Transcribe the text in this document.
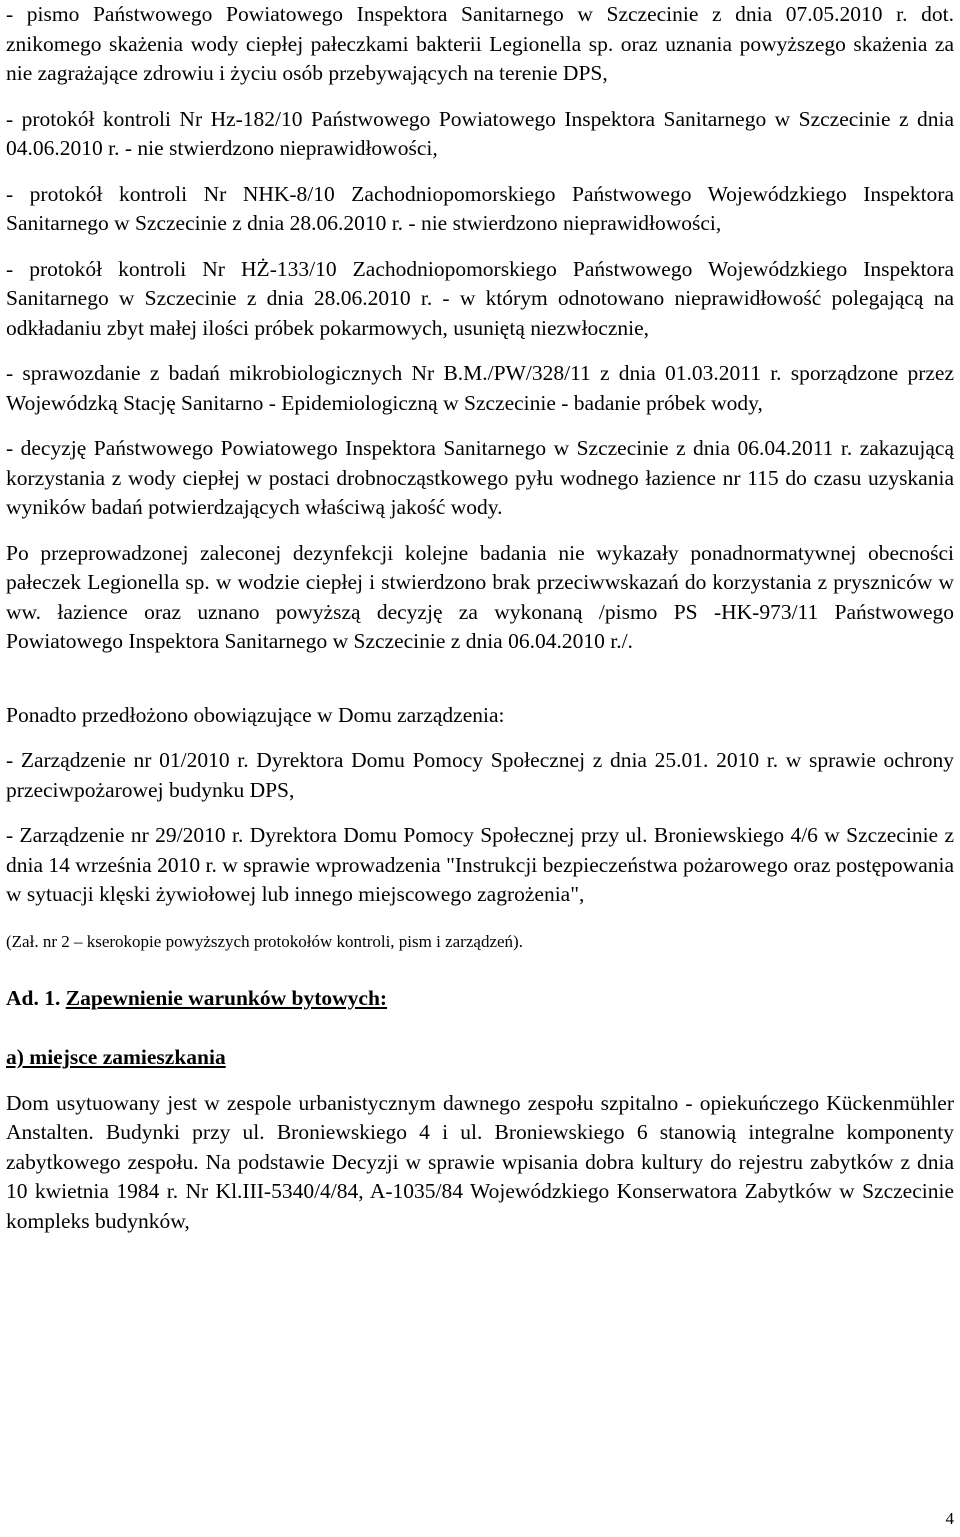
- pismo Państwowego Powiatowego Inspektora Sanitarnego w Szczecinie z dnia 07.05.2010 r. dot. znikomego skażenia wody ciepłej pałeczkami bakterii Legionella sp. oraz uznania powyższego skażenia za nie zagrażające zdrowiu i życiu osób przebywających na terenie DPS,

- protokół kontroli Nr Hz-182/10 Państwowego Powiatowego Inspektora Sanitarnego w Szczecinie z dnia 04.06.2010 r. - nie stwierdzono nieprawidłowości,

- protokół kontroli Nr NHK-8/10 Zachodniopomorskiego Państwowego Wojewódzkiego Inspektora Sanitarnego w Szczecinie z dnia 28.06.2010 r. - nie stwierdzono nieprawidłowości,

- protokół kontroli Nr HŻ-133/10 Zachodniopomorskiego Państwowego Wojewódzkiego Inspektora Sanitarnego w Szczecinie z dnia 28.06.2010 r. - w którym odnotowano nieprawidłowość polegającą na odkładaniu zbyt małej ilości próbek pokarmowych, usuniętą niezwłocznie,

- sprawozdanie z badań mikrobiologicznych Nr B.M./PW/328/11 z dnia 01.03.2011 r. sporządzone przez Wojewódzką Stację Sanitarno - Epidemiologiczną w Szczecinie - badanie próbek wody,

- decyzję Państwowego Powiatowego Inspektora Sanitarnego w Szczecinie z dnia 06.04.2011 r. zakazującą korzystania z wody ciepłej w postaci drobnocząstkowego pyłu wodnego łazience nr 115 do czasu uzyskania wyników badań potwierdzających właściwą jakość wody.

Po przeprowadzonej zaleconej dezynfekcji kolejne badania nie wykazały ponadnormatywnej obecności pałeczek Legionella sp. w wodzie ciepłej i stwierdzono brak przeciwwskazań do korzystania z pryszniców w ww. łazience oraz uznano powyższą decyzję za wykonaną /pismo PS -HK-973/11 Państwowego Powiatowego Inspektora Sanitarnego w Szczecinie z dnia 06.04.2010 r./.

Ponadto przedłożono obowiązujące w Domu zarządzenia:

- Zarządzenie nr 01/2010 r. Dyrektora Domu Pomocy Społecznej z dnia 25.01. 2010 r. w sprawie ochrony przeciwpożarowej budynku DPS,

- Zarządzenie nr 29/2010 r. Dyrektora Domu Pomocy Społecznej przy ul. Broniewskiego 4/6 w Szczecinie z dnia 14 września 2010 r. w sprawie wprowadzenia "Instrukcji bezpieczeństwa pożarowego oraz postępowania w sytuacji klęski żywiołowej lub innego miejscowego zagrożenia",

(Zał. nr 2 – kserokopie powyższych protokołów kontroli, pism i zarządzeń).

Ad. 1. Zapewnienie warunków bytowych:

a) miejsce zamieszkania

Dom usytuowany jest w zespole urbanistycznym dawnego zespołu szpitalno - opiekuńczego Kückenmühler Anstalten. Budynki przy ul. Broniewskiego 4 i ul. Broniewskiego 6 stanowią integralne komponenty zabytkowego zespołu. Na podstawie Decyzji w sprawie wpisania dobra kultury do rejestru zabytków z dnia 10 kwietnia 1984 r. Nr Kl.III-5340/4/84, A-1035/84 Wojewódzkiego Konserwatora Zabytków w Szczecinie kompleks budynków,

4
